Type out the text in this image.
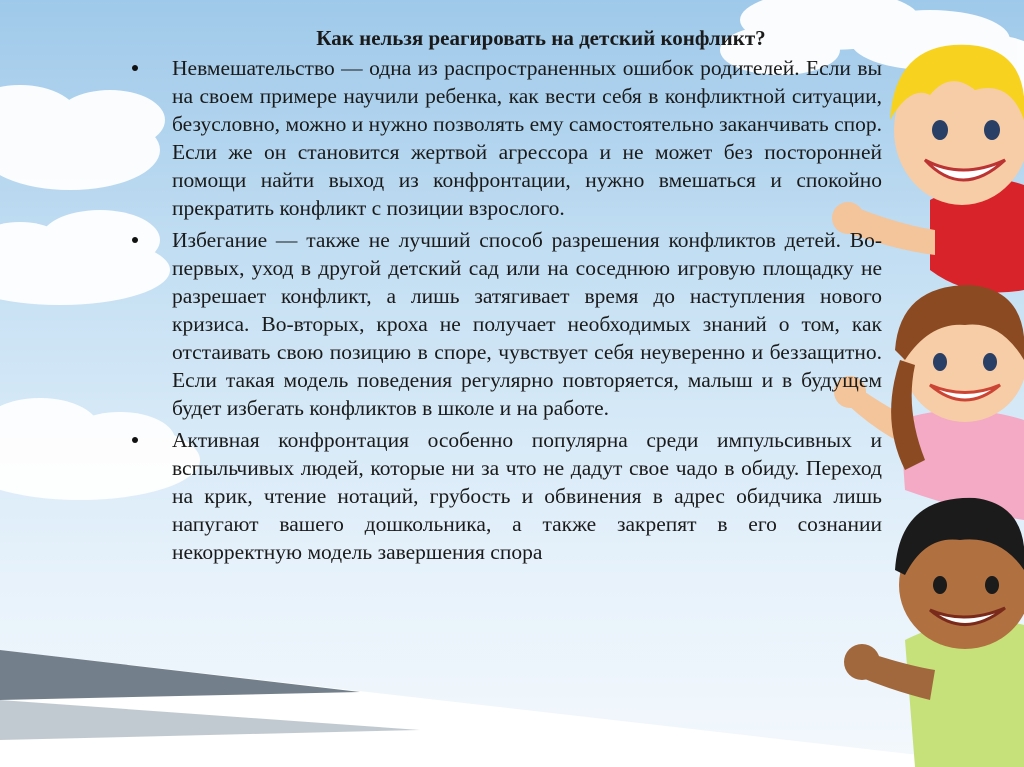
Как нельзя реагировать на детский конфликт?
Невмешательство — одна из распространенных ошибок родителей. Если вы на своем примере научили ребенка, как вести себя в конфликтной ситуации, безусловно, можно и нужно позволять ему самостоятельно заканчивать спор. Если же он становится жертвой агрессора и не может без посторонней помощи найти выход из конфронтации, нужно вмешаться и спокойно прекратить конфликт с позиции взрослого.
Избегание — также не лучший способ разрешения конфликтов детей. Во-первых, уход в другой детский сад или на соседнюю игровую площадку не разрешает конфликт, а лишь затягивает время до наступления нового кризиса. Во-вторых, кроха не получает необходимых знаний о том, как отстаивать свою позицию в споре, чувствует себя неуверенно и беззащитно. Если такая модель поведения регулярно повторяется, малыш и в будущем будет избегать конфликтов в школе и на работе.
Активная конфронтация особенно популярна среди импульсивных и вспыльчивых людей, которые ни за что не дадут свое чадо в обиду. Переход на крик, чтение нотаций, грубость и обвинения в адрес обидчика лишь напугают вашего дошкольника, а также закрепят в его сознании некорректную модель завершения спора
